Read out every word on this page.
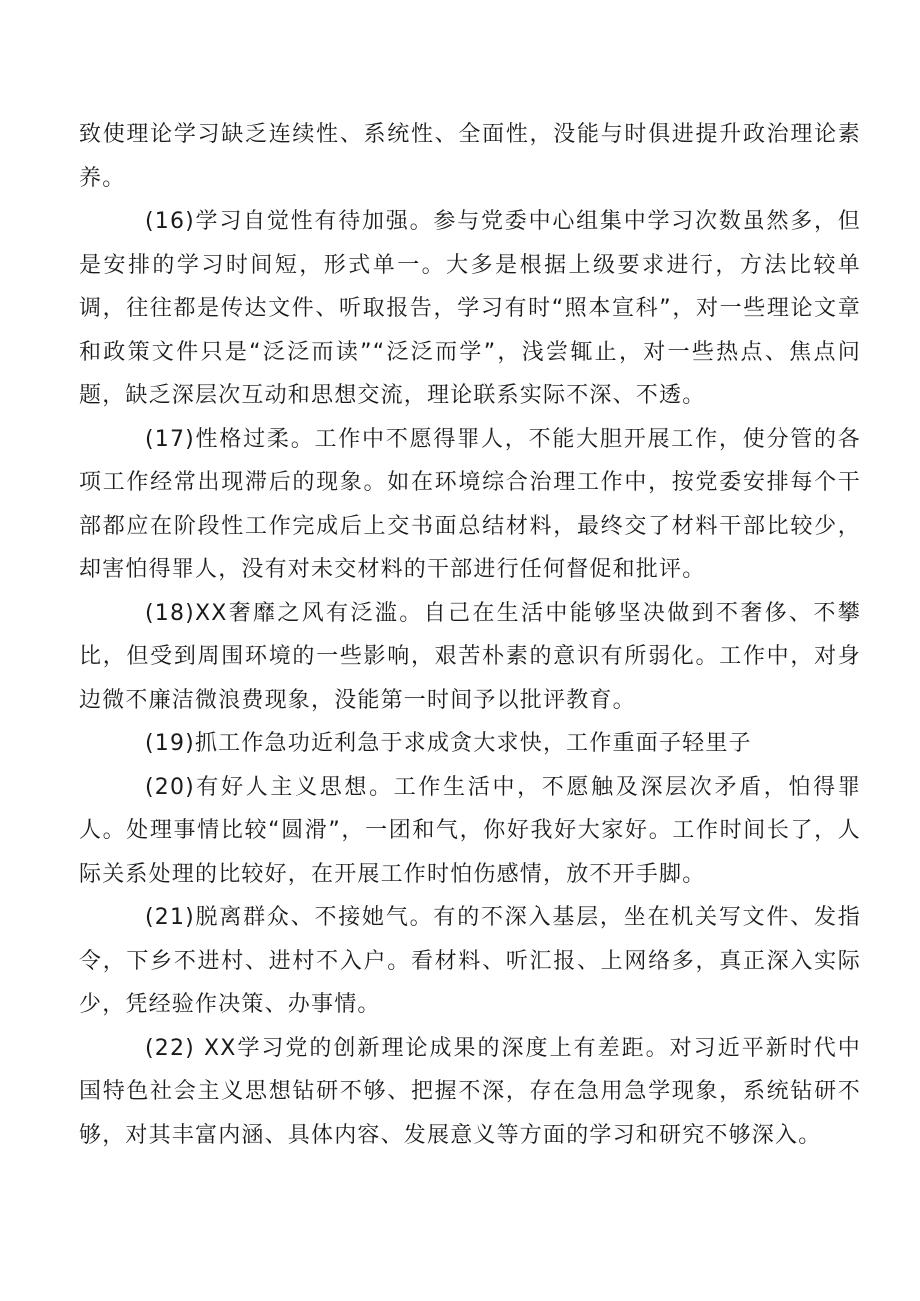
致使理论学习缺乏连续性、系统性、全面性，没能与时俱进提升政治理论素养。

(16)学习自觉性有待加强。参与党委中心组集中学习次数虽然多，但是安排的学习时间短，形式单一。大多是根据上级要求进行，方法比较单调，往往都是传达文件、听取报告，学习有时“照本宣科”，对一些理论文章和政策文件只是“泛泛而读”“泛泛而学”，浅尝辄止，对一些热点、焦点问题，缺乏深层次互动和思想交流，理论联系实际不深、不透。

(17)性格过柔。工作中不愿得罪人，不能大胆开展工作，使分管的各项工作经常出现滞后的现象。如在环境综合治理工作中，按党委安排每个干部都应在阶段性工作完成后上交书面总结材料，最终交了材料干部比较少，却害怕得罪人，没有对未交材料的干部进行任何督促和批评。

(18)XX奢靡之风有泛滥。自己在生活中能够坚决做到不奢侈、不攀比，但受到周围环境的一些影响，艰苦朴素的意识有所弱化。工作中，对身边微不廉洁微浪费现象，没能第一时间予以批评教育。

(19)抓工作急功近利急于求成贪大求快，工作重面子轻里子

(20)有好人主义思想。工作生活中，不愿触及深层次矛盾，怕得罪人。处理事情比较“圆滑”，一团和气，你好我好大家好。工作时间长了，人际关系处理的比较好，在开展工作时怕伤感情，放不开手脚。

(21)脱离群众、不接她气。有的不深入基层，坐在机关写文件、发指令，下乡不进村、进村不入户。看材料、听汇报、上网络多，真正深入实际少，凭经验作决策、办事情。

(22) XX学习党的创新理论成果的深度上有差距。对习近平新时代中国特色社会主义思想钻研不够、把握不深，存在急用急学现象，系统钻研不够，对其丰富内涵、具体内容、发展意义等方面的学习和研究不够深入。
